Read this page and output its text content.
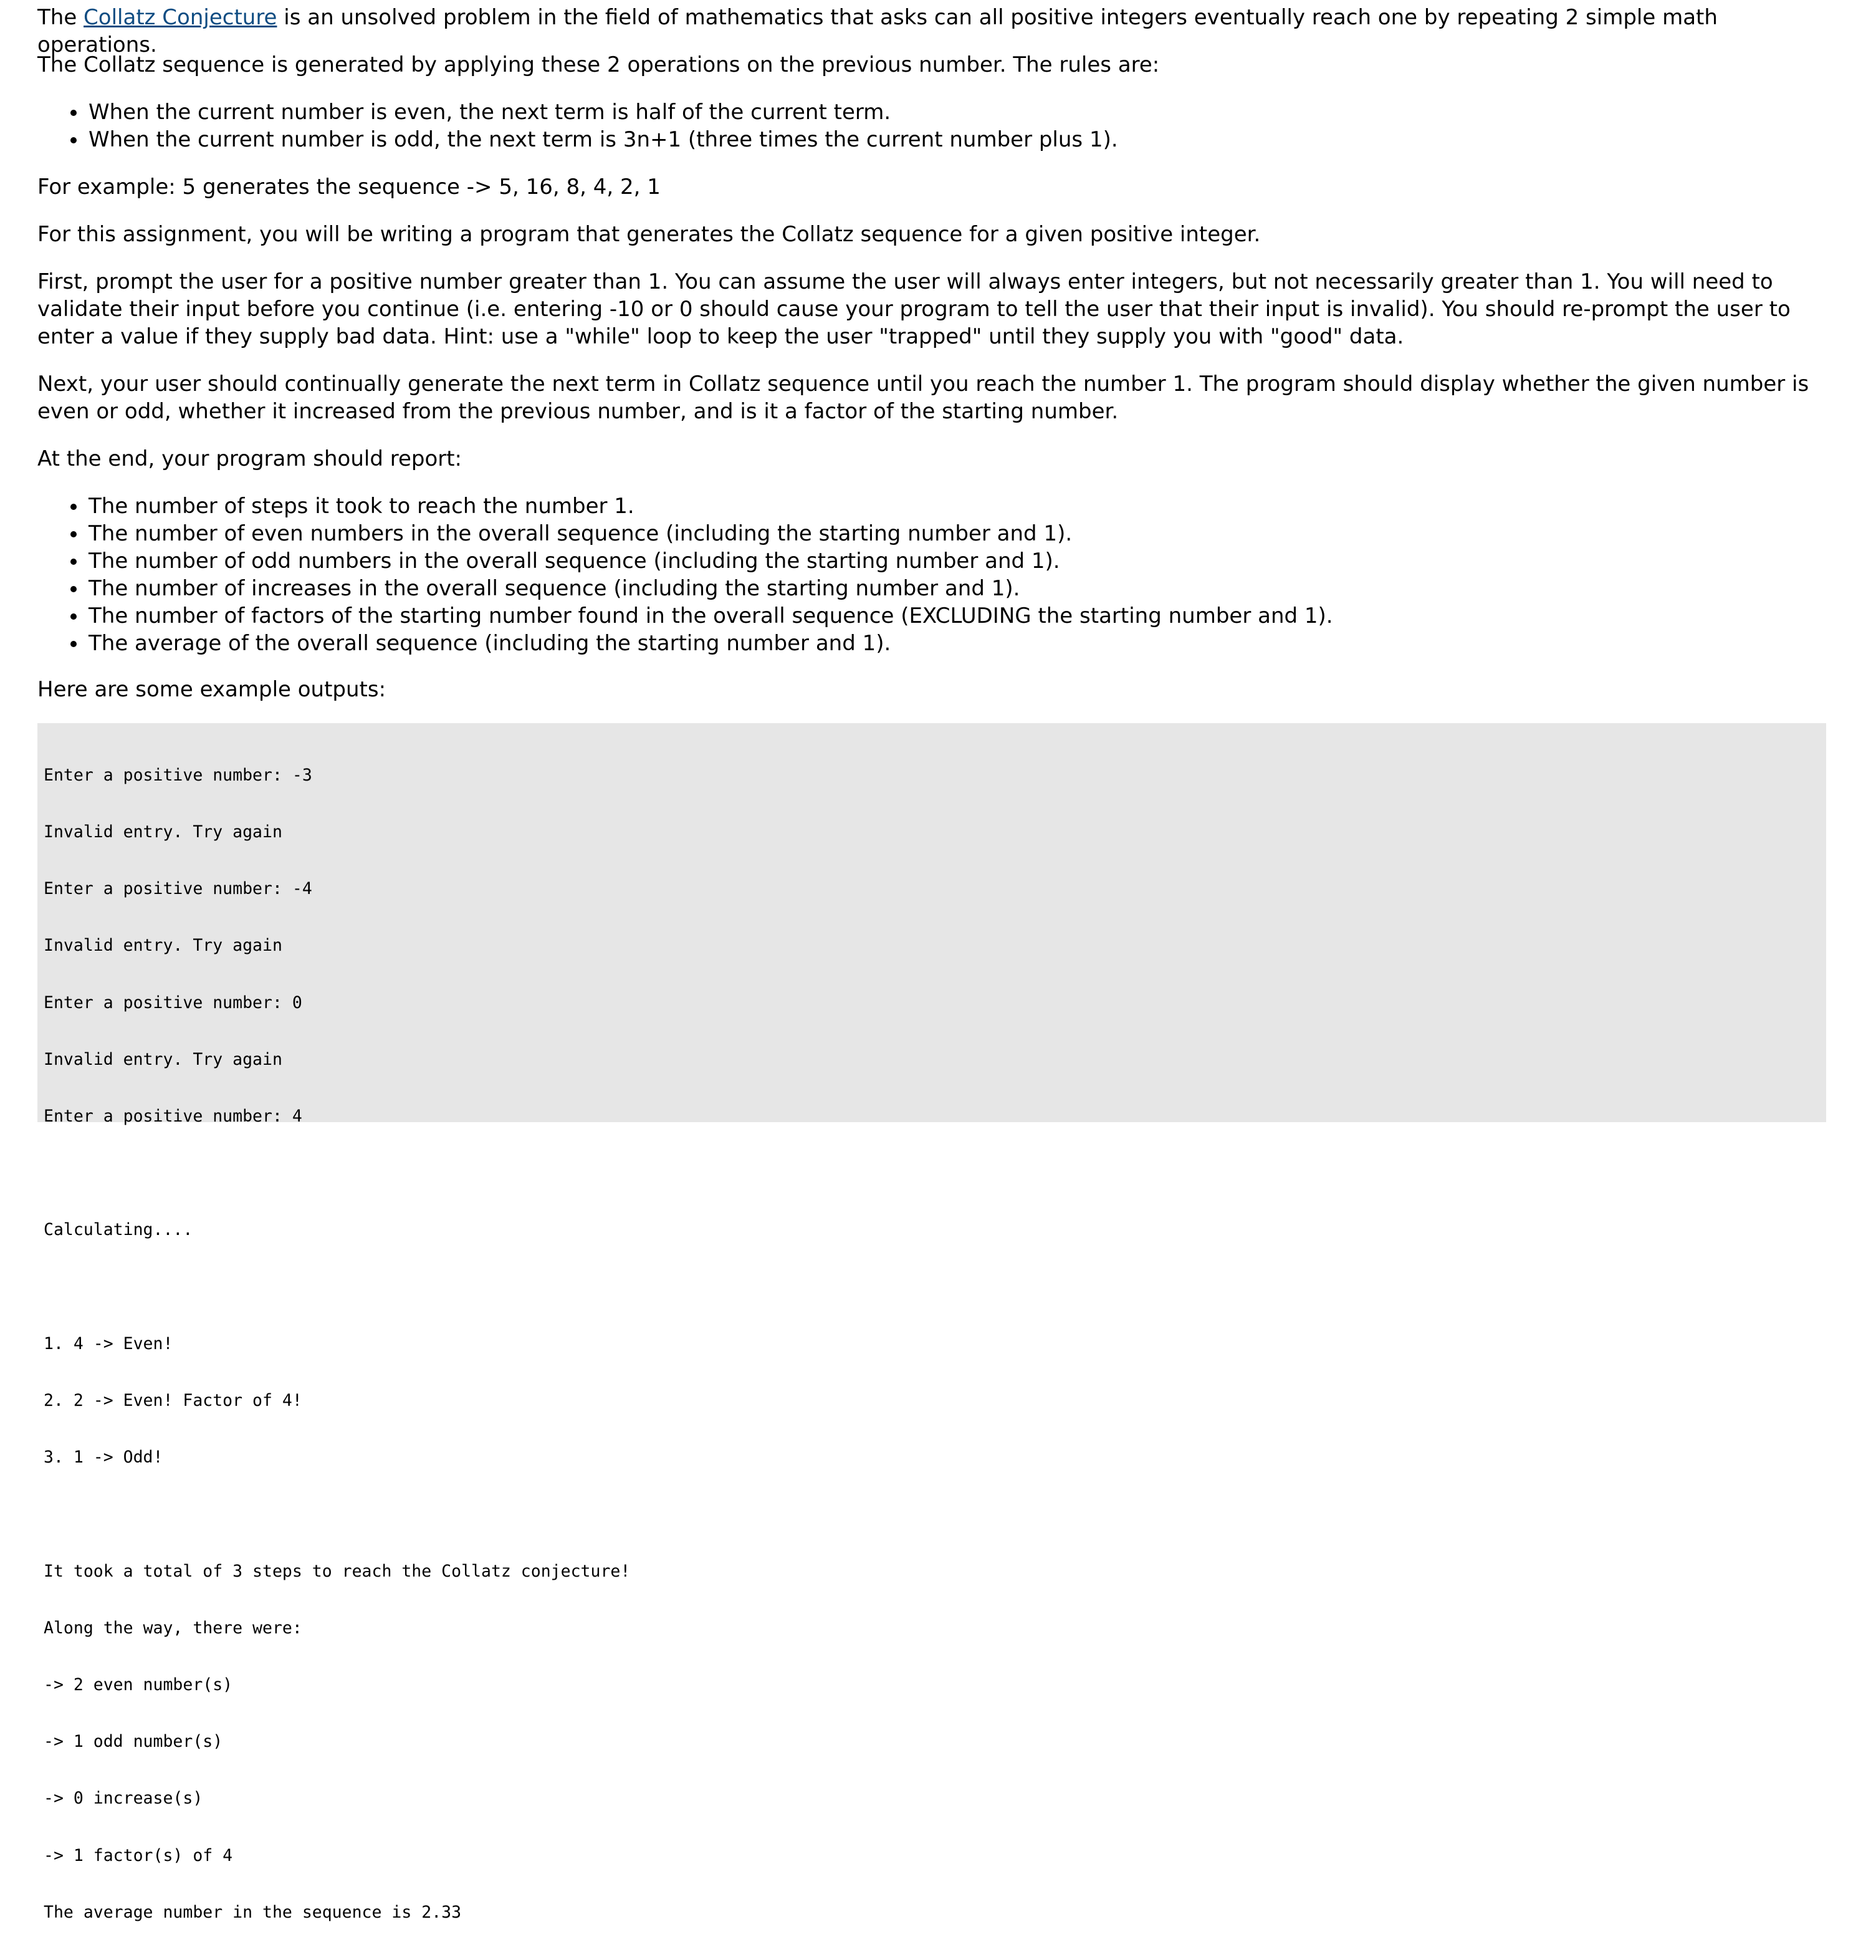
The Collatz Conjecture is an unsolved problem in the field of mathematics that asks can all positive integers eventually reach one by repeating 2 simple math operations.

The Collatz sequence is generated by applying these 2 operations on the previous number. The rules are:

• When the current number is even, the next term is half of the current term.
• When the current number is odd, the next term is 3n+1 (three times the current number plus 1).

For example: 5 generates the sequence -> 5, 16, 8, 4, 2, 1

For this assignment, you will be writing a program that generates the Collatz sequence for a given positive integer.

First, prompt the user for a positive number greater than 1. You can assume the user will always enter integers, but not necessarily greater than 1. You will need to validate their input before you continue (i.e. entering -10 or 0 should cause your program to tell the user that their input is invalid). You should re-prompt the user to enter a value if they supply bad data. Hint: use a "while" loop to keep the user "trapped" until they supply you with "good" data.

Next, your user should continually generate the next term in Collatz sequence until you reach the number 1. The program should display whether the given number is even or odd, whether it increased from the previous number, and is it a factor of the starting number.

At the end, your program should report:

• The number of steps it took to reach the number 1.
• The number of even numbers in the overall sequence (including the starting number and 1).
• The number of odd numbers in the overall sequence (including the starting number and 1).
• The number of increases in the overall sequence (including the starting number and 1).
• The number of factors of the starting number found in the overall sequence (EXCLUDING the starting number and 1).
• The average of the overall sequence (including the starting number and 1).

Here are some example outputs:

Enter a positive number: -3

Invalid entry. Try again

Enter a positive number: -4

Invalid entry. Try again

Enter a positive number: 0

Invalid entry. Try again

Enter a positive number: 4

Calculating....

1. 4 -> Even!

2. 2 -> Even! Factor of 4!

3. 1 -> Odd!

It took a total of 3 steps to reach the Collatz conjecture!

Along the way, there were:

-> 2 even number(s)

-> 1 odd number(s)

-> 0 increase(s)

-> 1 factor(s) of 4

The average number in the sequence is 2.33
